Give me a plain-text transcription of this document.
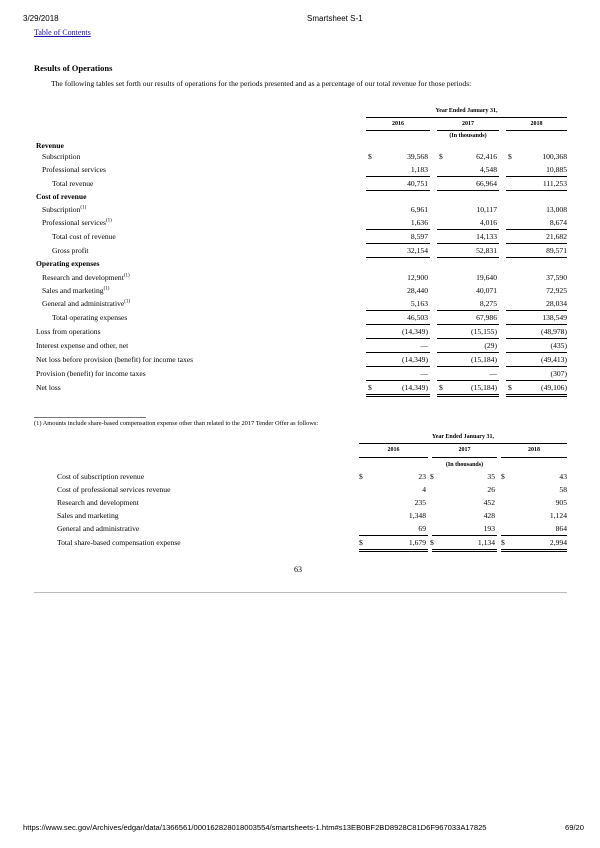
3/29/2018	Smartsheet S-1
Table of Contents
Results of Operations
The following tables set forth our results of operations for the periods presented and as a percentage of our total revenue for those periods:
Year Ended January 31,
2016	2017	2018
(In thousands)
Revenue
Subscription	$	39,568 $	62,416 $	100,368
Professional services	1,183	4,548	10,885
Total revenue	40,751	66,964	111,253
Cost of revenue
Subscription$^{(1)}$	6,961	10,117	13,008
Professional services$^{(1)}$	1,636	4,016	8,674
Total cost of revenue	8,597	14,133	21,682
Gross profit	32,154	52,831	89,571
Operating expenses
Research and development$^{(1)}$	12,900	19,640	37,590
Sales and marketing$^{(1)}$	28,440	40,071	72,925
General and administrative$^{(1)}$	5,163	8,275	28,034
Total operating expenses	46,503	67,986	138,549
Loss from operations	(14,349)	(15,155)	(48,978)
Interest expense and other, net	—	(29)	(435)
Net loss before provision (benefit) for income taxes	(14,349)	(15,184)	(49,413)
Provision (benefit) for income taxes	—	—	(307)
Net loss	$	(14,349) $	(15,184) $	(49,106)
(1) Amounts include share-based compensation expense other than related to the 2017 Tender Offer as follows:
Year Ended January 31,
2016	2017	2018
(In thousands)
Cost of subscription revenue	$	23 $	35 $	43
Cost of professional services revenue	4	26	58
Research and development	235	452	905
Sales and marketing	1,348	428	1,124
General and administrative	69	193	864
Total share-based compensation expense	$	1,679 $	1,134 $	2,994
63
https://www.sec.gov/Archives/edgar/data/1366561/000162828018003554/smartsheets-1.htm#s13EB0BF2BD8928C81D6F967033A17825	69/20
